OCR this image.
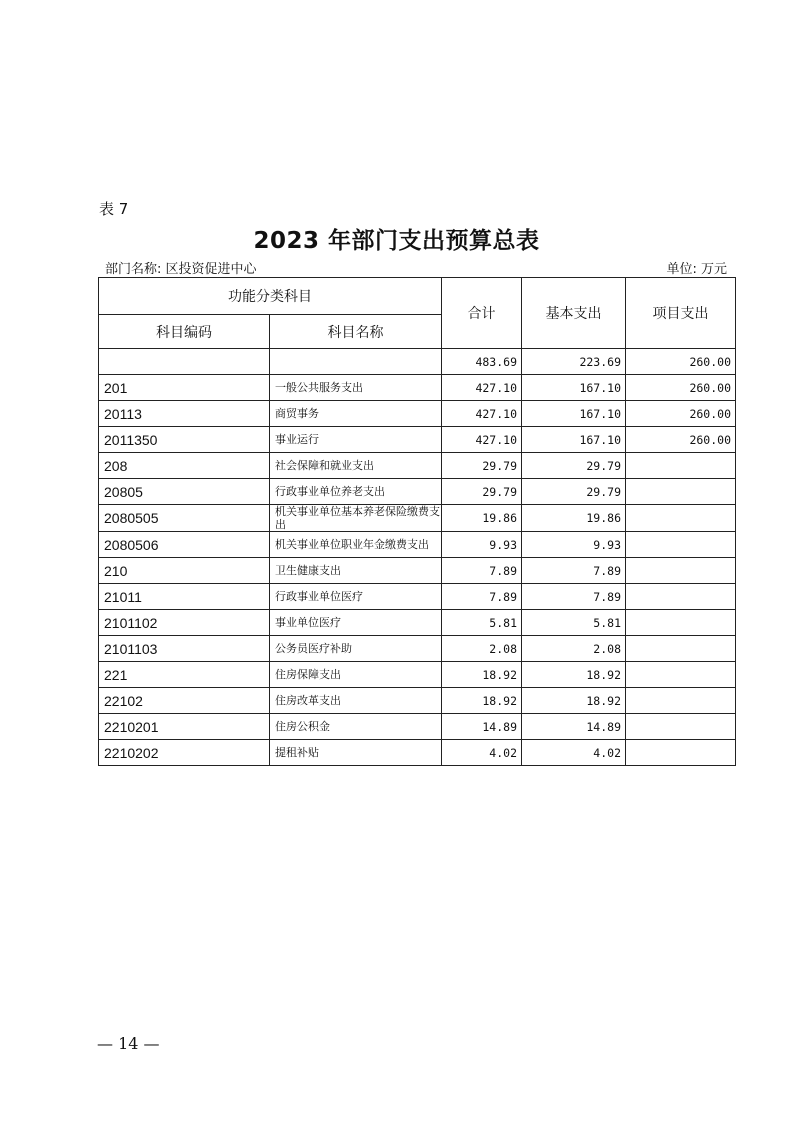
表 7
2023 年部门支出预算总表
部门名称: 区投资促进中心	单位: 万元
功能分类科目		合计	基本支出	项目支出
科目编码	科目名称			
		483.69	223.69	260.00
201	一般公共服务支出	427.10	167.10	260.00
20113	商贸事务	427.10	167.10	260.00
2011350	事业运行	427.10	167.10	260.00
208	社会保障和就业支出	29.79	29.79	
20805	行政事业单位养老支出	29.79	29.79	
2080505	机关事业单位基本养老保险缴费支出	19.86	19.86	
2080506	机关事业单位职业年金缴费支出	9.93	9.93	
210	卫生健康支出	7.89	7.89	
21011	行政事业单位医疗	7.89	7.89	
2101102	事业单位医疗	5.81	5.81	
2101103	公务员医疗补助	2.08	2.08	
221	住房保障支出	18.92	18.92	
22102	住房改革支出	18.92	18.92	
2210201	住房公积金	14.89	14.89	
2210202	提租补贴	4.02	4.02	
— 14 —
